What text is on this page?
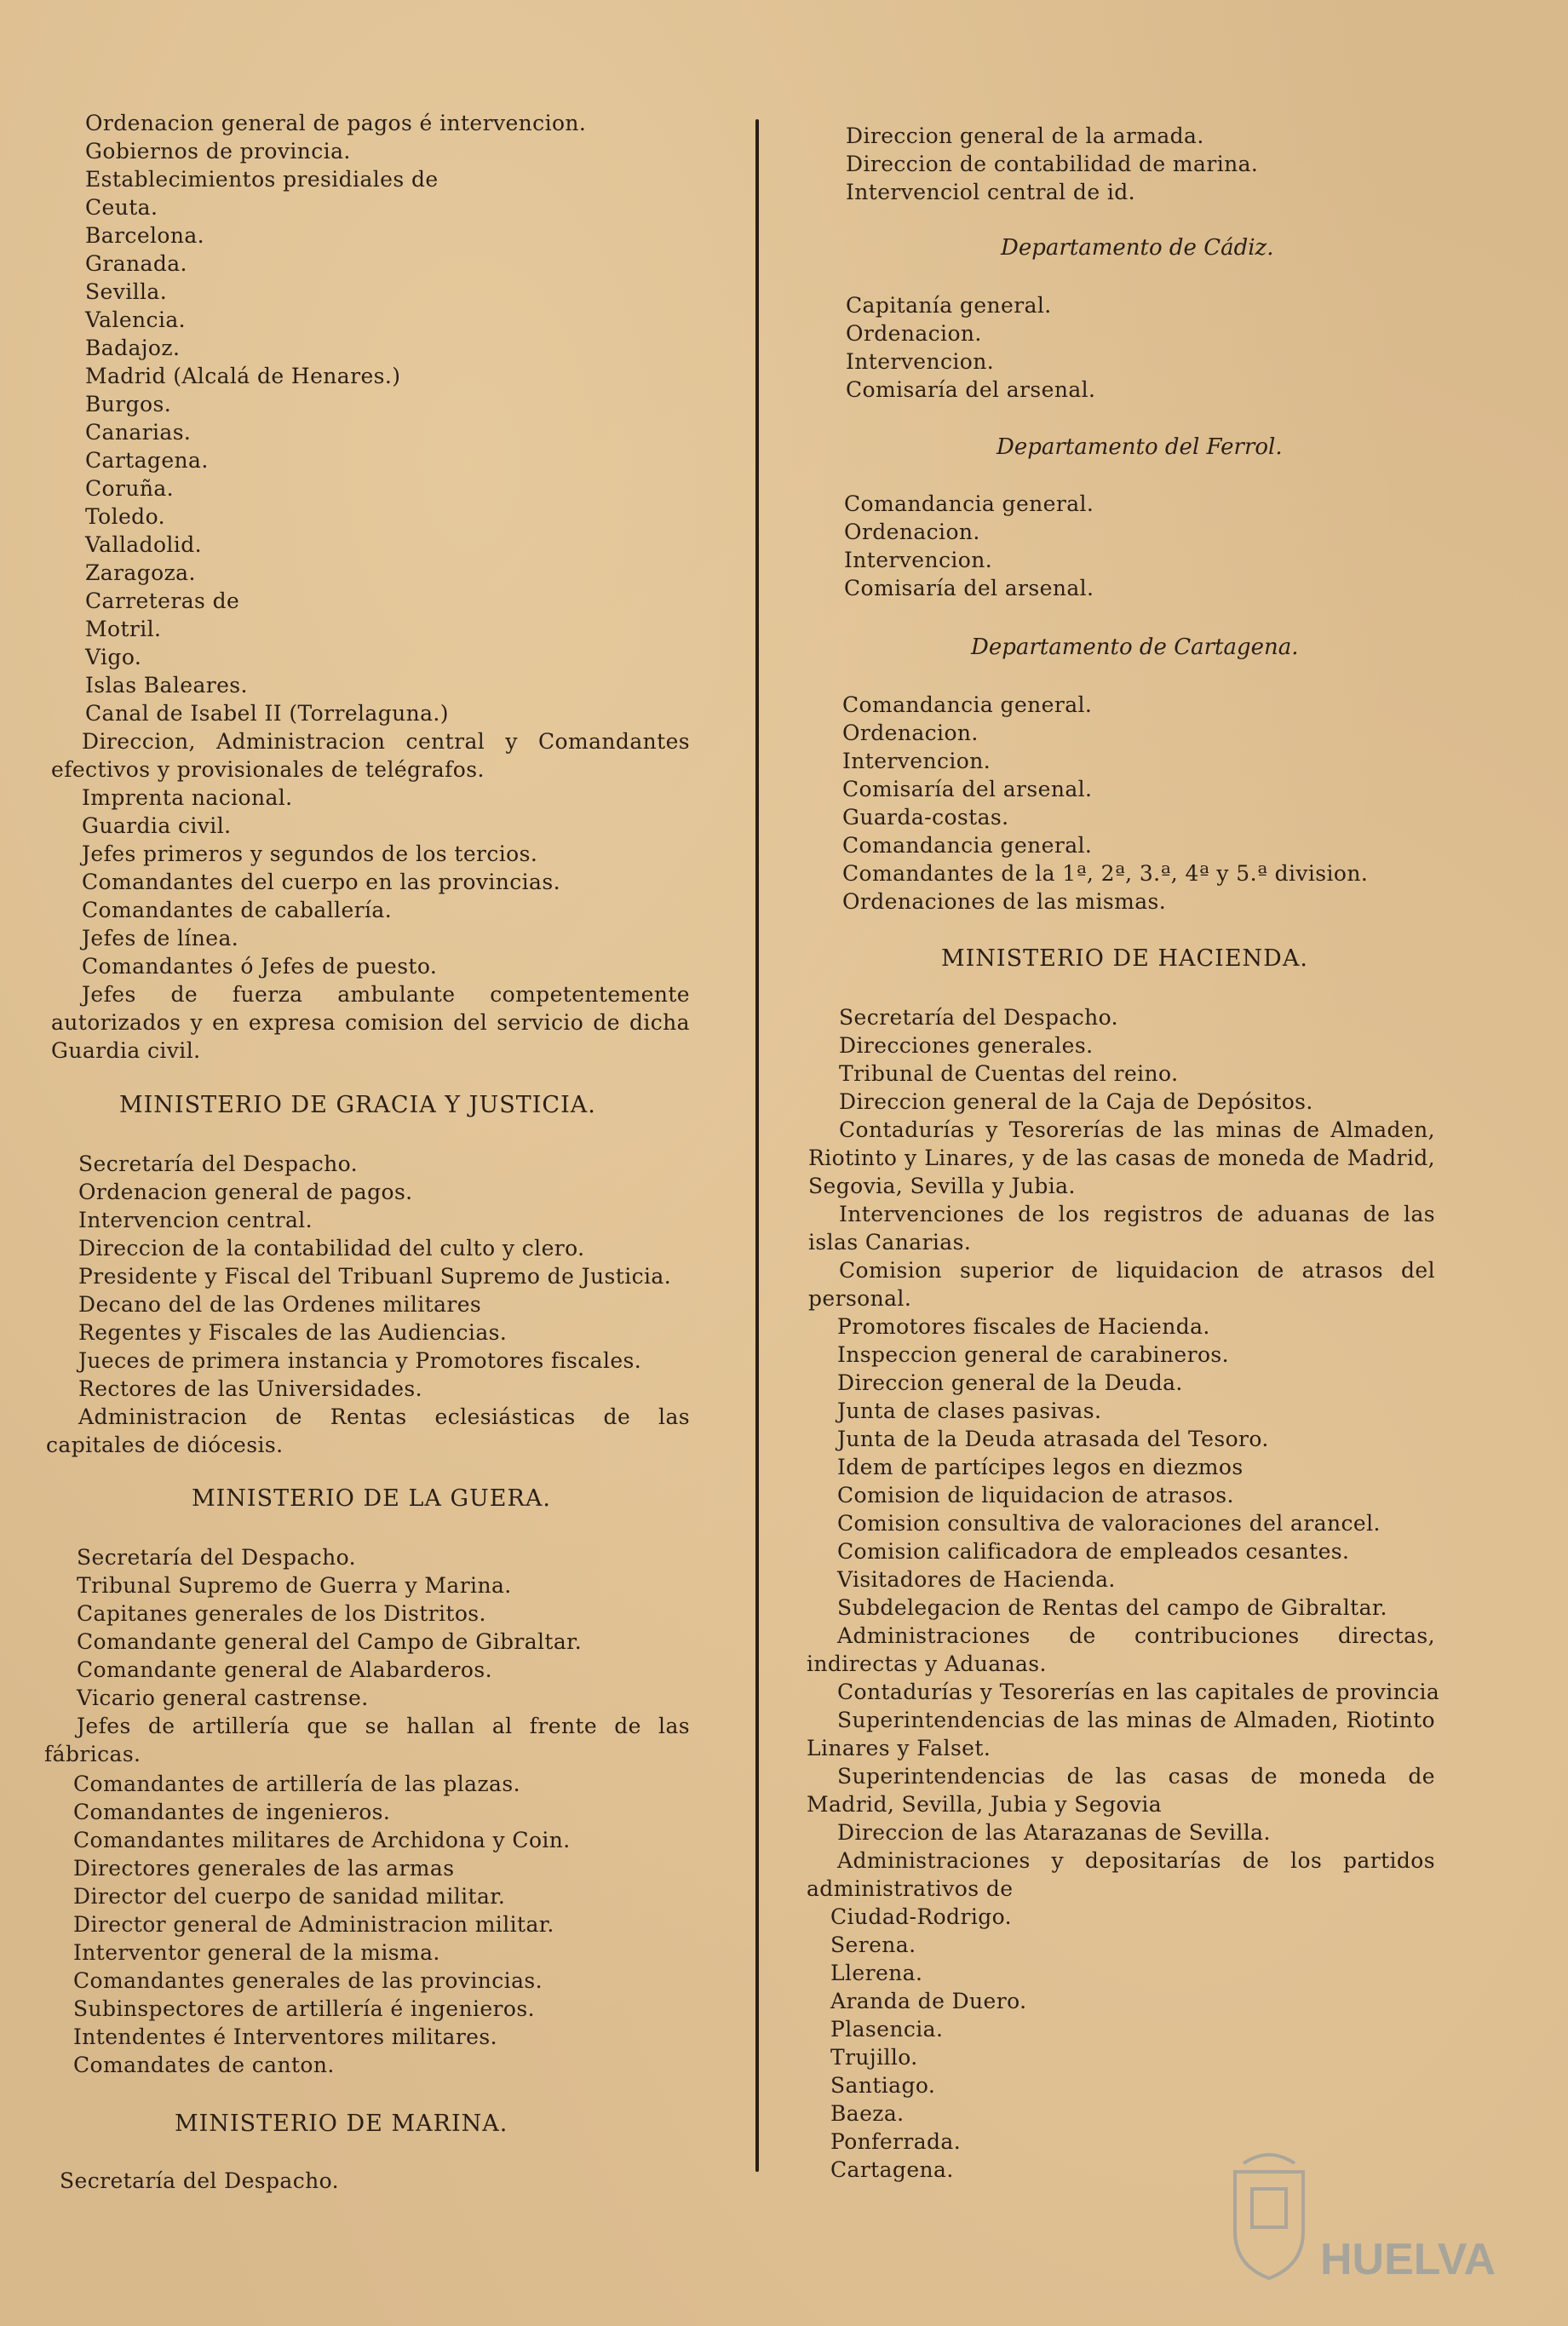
Ordenacion general de pagos é intervencion.
Gobiernos de provincia.
Establecimientos presidiales de
Ceuta.
Barcelona.
Granada.
Sevilla.
Valencia.
Badajoz.
Madrid (Alcalá de Henares.)
Burgos.
Canarias.
Cartagena.
Coruña.
Toledo.
Valladolid.
Zaragoza.
Carreteras de
Motril.
Vigo.
Islas Baleares.
Canal de Isabel II (Torrelaguna.)
Direccion, Administracion central y Comandantes efectivos y provisionales de telégrafos.
Imprenta nacional.
Guardia civil.
Jefes primeros y segundos de los tercios.
Comandantes del cuerpo en las provincias.
Comandantes de caballería.
Jefes de línea.
Comandantes ó Jefes de puesto.
Jefes de fuerza ambulante competentemente autorizados y en expresa comision del servicio de dicha Guardia civil.
MINISTERIO DE GRACIA Y JUSTICIA.
Secretaría del Despacho.
Ordenacion general de pagos.
Intervencion central.
Direccion de la contabilidad del culto y clero.
Presidente y Fiscal del Tribuanl Supremo de Justicia.
Decano del de las Ordenes militares
Regentes y Fiscales de las Audiencias.
Jueces de primera instancia y Promotores fiscales.
Rectores de las Universidades.
Administracion de Rentas eclesiásticas de las capitales de diócesis.
MINISTERIO DE LA GUERA.
Secretaría del Despacho.
Tribunal Supremo de Guerra y Marina.
Capitanes generales de los Distritos.
Comandante general del Campo de Gibraltar.
Comandante general de Alabarderos.
Vicario general castrense.
Jefes de artillería que se hallan al frente de las fábricas.
Comandantes de artillería de las plazas.
Comandantes de ingenieros.
Comandantes militares de Archidona y Coin.
Directores generales de las armas
Director del cuerpo de sanidad militar.
Director general de Administracion militar.
Interventor general de la misma.
Comandantes generales de las provincias.
Subinspectores de artillería é ingenieros.
Intendentes é Interventores militares.
Comandates de canton.
MINISTERIO DE MARINA.
Secretaría del Despacho.
Direccion general de la armada.
Direccion de contabilidad de marina.
Intervenciol central de id.
Departamento de Cádiz.
Capitanía general.
Ordenacion.
Intervencion.
Comisaría del arsenal.
Departamento del Ferrol.
Comandancia general.
Ordenacion.
Intervencion.
Comisaría del arsenal.
Departamento de Cartagena.
Comandancia general.
Ordenacion.
Intervencion.
Comisaría del arsenal.
Guarda-costas.
Comandancia general.
Comandantes de la 1ª, 2ª, 3.ª, 4ª y 5.ª division.
Ordenaciones de las mismas.
MINISTERIO DE HACIENDA.
Secretaría del Despacho.
Direcciones generales.
Tribunal de Cuentas del reino.
Direccion general de la Caja de Depósitos.
Contadurías y Tesorerías de las minas de Almaden, Riotinto y Linares, y de las casas de moneda de Madrid, Segovia, Sevilla y Jubia.
Intervenciones de los registros de aduanas de las islas Canarias.
Comision superior de liquidacion de atrasos del personal.
Promotores fiscales de Hacienda.
Inspeccion general de carabineros.
Direccion general de la Deuda.
Junta de clases pasivas.
Junta de la Deuda atrasada del Tesoro.
Idem de partícipes legos en diezmos
Comision de liquidacion de atrasos.
Comision consultiva de valoraciones del arancel.
Comision calificadora de empleados cesantes.
Visitadores de Hacienda.
Subdelegacion de Rentas del campo de Gibraltar.
Administraciones de contribuciones directas, indirectas y Aduanas.
Contadurías y Tesorerías en las capitales de provincia
Superintendencias de las minas de Almaden, Riotinto Linares y Falset.
Superintendencias de las casas de moneda de Madrid, Sevilla, Jubia y Segovia
Direccion de las Atarazanas de Sevilla.
Administraciones y depositarías de los partidos administrativos de
Ciudad-Rodrigo.
Serena.
Llerena.
Aranda de Duero.
Plasencia.
Trujillo.
Santiago.
Baeza.
Ponferrada.
Cartagena.
HUELVA
